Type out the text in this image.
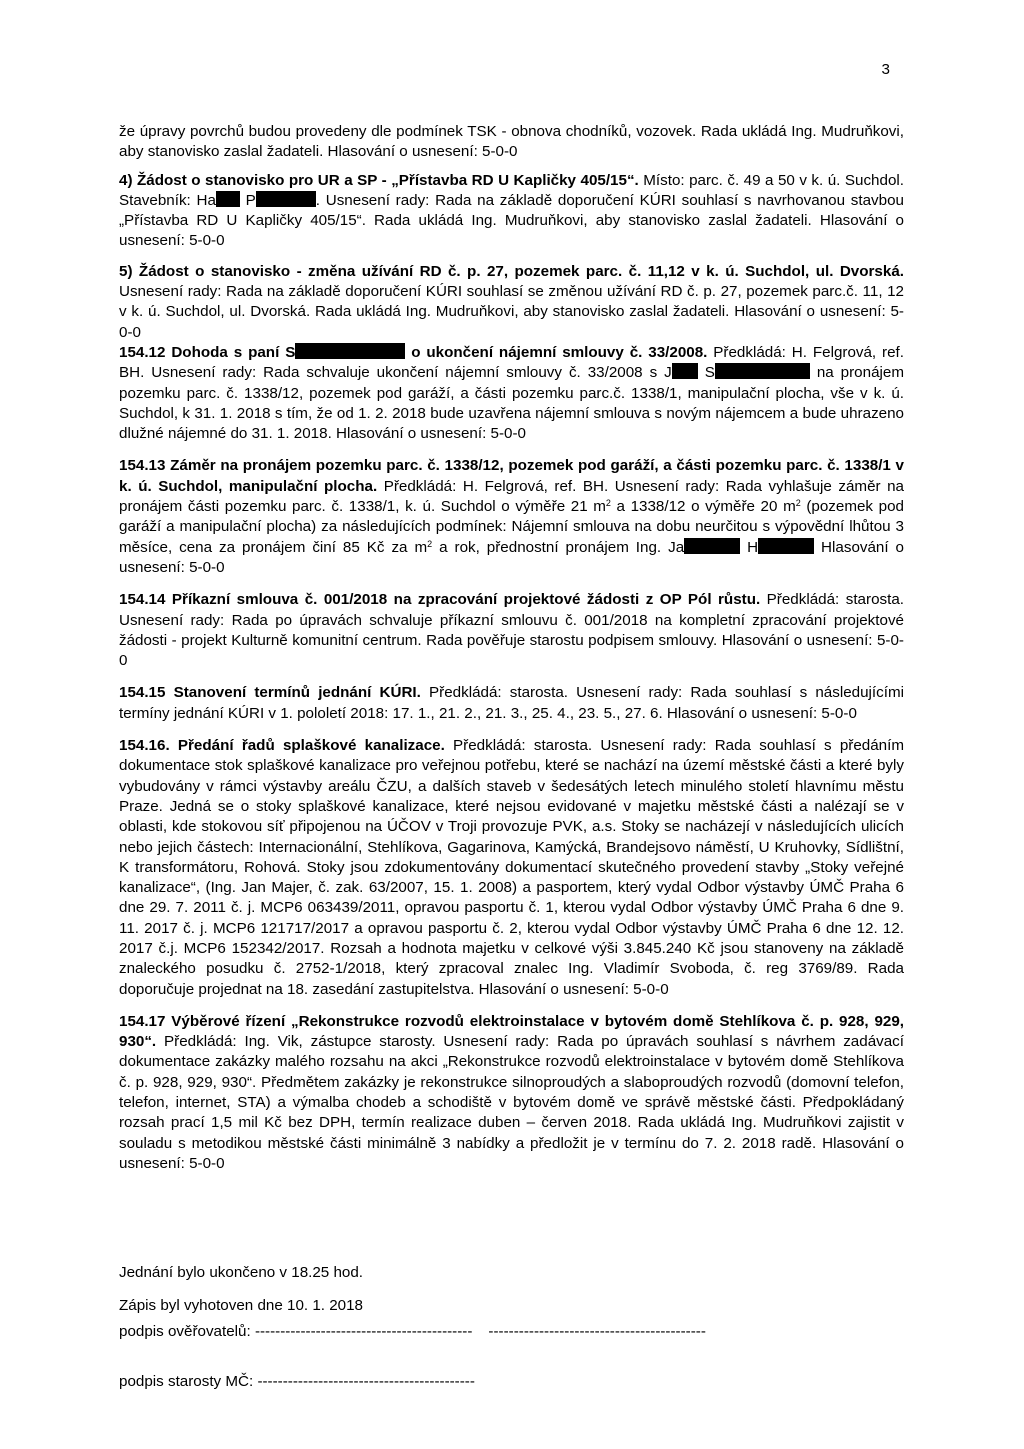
3

že úpravy povrchů budou provedeny dle podmínek TSK - obnova chodníků, vozovek. Rada ukládá Ing. Mudruňkovi, aby stanovisko zaslal žadateli. Hlasování o usnesení: 5-0-0

4) Žádost o stanovisko pro UR a SP - „Přístavba RD U Kapličky 405/15“. Místo: parc. č. 49 a 50 v k. ú. Suchdol. Stavebník: Ha P	. Usnesení rady: Rada na základě doporučení KÚRI souhlasí s navrhovanou stavbou „Přístavba RD U Kapličky 405/15“. Rada ukládá Ing. Mudruňkovi, aby stanovisko zaslal žadateli. Hlasování o usnesení: 5-0-0

5) Žádost o stanovisko - změna užívání RD č. p. 27, pozemek parc. č. 11,12 v k. ú. Suchdol, ul. Dvorská. Usnesení rady: Rada na základě doporučení KÚRI souhlasí se změnou užívání RD č. p. 27, pozemek parc.č. 11, 12 v k. ú. Suchdol, ul. Dvorská. Rada ukládá Ing. Mudruňkovi, aby stanovisko zaslal žadateli. Hlasování o usnesení: 5-0-0

154.12 Dohoda s paní S	o ukončení nájemní smlouvy č. 33/2008. Předkládá: H. Felgrová, ref. BH. Usnesení rady: Rada schvaluje ukončení nájemní smlouvy č. 33/2008 s J S	na pronájem pozemku parc. č. 1338/12, pozemek pod garáží, a části pozemku parc.č. 1338/1, manipulační plocha, vše v k. ú. Suchdol, k 31. 1. 2018 s tím, že od 1. 2. 2018 bude uzavřena nájemní smlouva s novým nájemcem a bude uhrazeno dlužné nájemné do 31. 1. 2018. Hlasování o usnesení: 5-0-0

154.13 Záměr na pronájem pozemku parc. č. 1338/12, pozemek pod garáží, a části pozemku parc. č. 1338/1 v k. ú. Suchdol, manipulační plocha. Předkládá: H. Felgrová, ref. BH. Usnesení rady: Rada vyhlašuje záměr na pronájem části pozemku parc. č. 1338/1, k. ú. Suchdol o výměře 21 $m^2$ a 1338/12 o výměře 20 $m^2$ (pozemek pod garáží a manipulační plocha) za následujících podmínek: Nájemní smlouva na dobu neurčitou s výpovědní lhůtou 3 měsíce, cena za pronájem činí 85 Kč za $m^2$ a rok, přednostní pronájem Ing. Ja	H	Hlasování o usnesení: 5-0-0

154.14 Příkazní smlouva č. 001/2018 na zpracování projektové žádosti z OP Pól růstu. Předkládá: starosta. Usnesení rady: Rada po úpravách schvaluje příkazní smlouvu č. 001/2018 na kompletní zpracování projektové žádosti - projekt Kulturně komunitní centrum. Rada pověřuje starostu podpisem smlouvy. Hlasování o usnesení: 5-0-0

154.15 Stanovení termínů jednání KÚRI. Předkládá: starosta. Usnesení rady: Rada souhlasí s následujícími termíny jednání KÚRI v 1. pololetí 2018: 17. 1., 21. 2., 21. 3., 25. 4., 23. 5., 27. 6. Hlasování o usnesení: 5-0-0

154.16. Předání řadů splaškové kanalizace. Předkládá: starosta. Usnesení rady: Rada souhlasí s předáním dokumentace stok splaškové kanalizace pro veřejnou potřebu, které se nachází na území městské části a které byly vybudovány v rámci výstavby areálu ČZU, a dalších staveb v šedesátých letech minulého století hlavnímu městu Praze. Jedná se o stoky splaškové kanalizace, které nejsou evidované v majetku městské části a nalézají se v oblasti, kde stokovou síť připojenou na ÚČOV v Troji provozuje PVK, a.s. Stoky se nacházejí v následujících ulicích nebo jejich částech: Internacionální, Stehlíkova, Gagarinova, Kamýcká, Brandejsovo náměstí, U Kruhovky, Sídlištní, K transformátoru, Rohová. Stoky jsou zdokumentovány dokumentací skutečného provedení stavby „Stoky veřejné kanalizace“, (Ing. Jan Majer, č. zak. 63/2007, 15. 1. 2008) a pasportem, který vydal Odbor výstavby ÚMČ Praha 6 dne 29. 7. 2011 č. j. MCP6 063439/2011, opravou pasportu č. 1, kterou vydal Odbor výstavby ÚMČ Praha 6 dne 9. 11. 2017 č. j. MCP6 121717/2017 a opravou pasportu č. 2, kterou vydal Odbor výstavby ÚMČ Praha 6 dne 12. 12. 2017 č.j. MCP6 152342/2017. Rozsah a hodnota majetku v celkové výši 3.845.240 Kč jsou stanoveny na základě znaleckého posudku č. 2752-1/2018, který zpracoval znalec Ing. Vladimír Svoboda, č. reg 3769/89. Rada doporučuje projednat na 18. zasedání zastupitelstva. Hlasování o usnesení: 5-0-0

154.17 Výběrové řízení „Rekonstrukce rozvodů elektroinstalace v bytovém domě Stehlíkova č. p. 928, 929, 930“. Předkládá: Ing. Vik, zástupce starosty. Usnesení rady: Rada po úpravách souhlasí s návrhem zadávací dokumentace zakázky malého rozsahu na akci „Rekonstrukce rozvodů elektroinstalace v bytovém domě Stehlíkova č. p. 928, 929, 930“. Předmětem zakázky je rekonstrukce silnoproudých a slaboproudých rozvodů (domovní telefon, telefon, internet, STA) a výmalba chodeb a schodiště v bytovém domě ve správě městské části. Předpokládaný rozsah prací 1,5 mil Kč bez DPH, termín realizace duben – červen 2018. Rada ukládá Ing. Mudruňkovi zajistit v souladu s metodikou městské části minimálně 3 nabídky a předložit je v termínu do 7. 2. 2018 radě. Hlasování o usnesení: 5-0-0

Jednání bylo ukončeno v 18.25 hod.
Zápis byl vyhotoven dne 10. 1. 2018
podpis ověřovatelů: ------------------------------------------- -------------------------------------------
podpis starosty MČ: -------------------------------------------
